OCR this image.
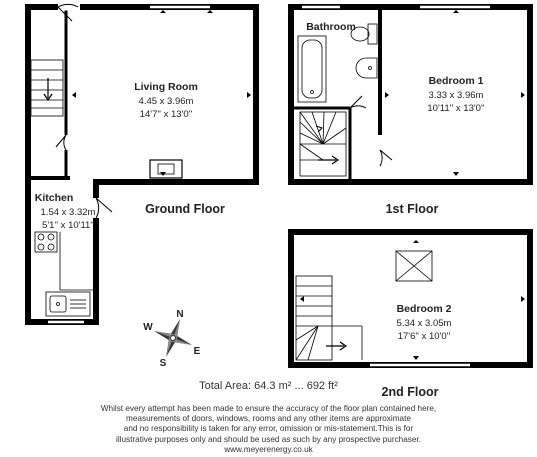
Living Room
4.45 x 3.96m
14'7'' x 13'0''
Kitchen
1.54 x 3.32m
5'1'' x 10'11''
Bathroom
Bedroom 1
3.33 x 3.96m
10'11'' x 13'0''
Bedroom 2
5.34 x 3.05m
17'6'' x 10'0''
Ground Floor	1st Floor
2nd Floor
N
S
E
W
Total Area: 64.3 m² ... 692 ft²
Whilst every attempt has been made to ensure the accuracy of the floor plan contained here,
measurements of doors, windows, rooms and any other items are approximate
and no responsibility is taken for any error, omission or mis-statement.This is for
illustrative purposes only and should be used as such by any prospective purchaser.
www.meyerenergy.co.uk
